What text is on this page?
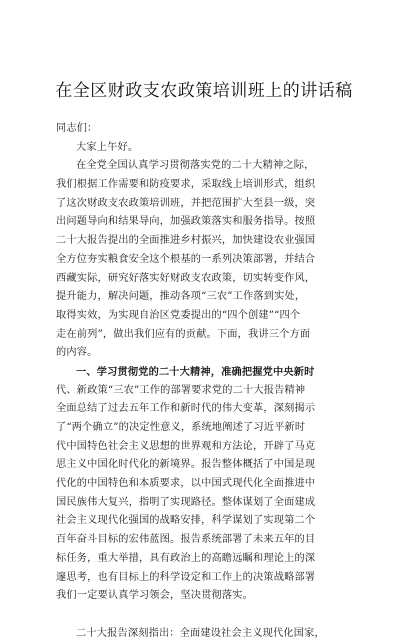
在全区财政支农政策培训班上的讲话稿
同志们：
大家上午好。
在全党全国认真学习贯彻落实党的二十大精神之际，
我们根据工作需要和防疫要求，采取线上培训形式，组织
了这次财政支农政策培训班，并把范围扩大至县一级，突
出问题导向和结果导向，加强政策落实和服务指导。按照
二十大报告提出的全面推进乡村振兴，加快建设农业强国
全方位夯实粮食安全这个根基的一系列决策部署，并结合
西藏实际，研究好落实好财政支农政策，切实转变作风，
提升能力，解决问题，推动各项“三农”工作落到实处，
取得实效，为实现自治区党委提出的“四个创建”“四个
走在前列”，做出我们应有的贡献。下面，我讲三个方面
的内容。
一、学习贯彻党的二十大精神，准确把握党中央新时
代、新政策“三农”工作的部署要求党的二十大报告精神
全面总结了过去五年工作和新时代的伟大变革，深刻揭示
了“两个确立”的决定性意义，系统地阐述了习近平新时
代中国特色社会主义思想的世界观和方法论，开辟了马克
思主义中国化时代化的新境界。报告整体概括了中国是现
代化的中国特色和本质要求，以中国式现代化全面推进中
国民族伟大复兴，指明了实现路径。整体谋划了全面建成
社会主义现代化强国的战略安排，科学谋划了实现第二个
百年奋斗目标的宏伟蓝图。报告系统部署了未来五年的目
标任务，重大举措，具有政治上的高瞻远瞩和理论上的深
邃思考，也有目标上的科学设定和工作上的决策战略部署
我们一定要认真学习领会，坚决贯彻落实。
二十大报告深刻指出：全面建设社会主义现代化国家，
